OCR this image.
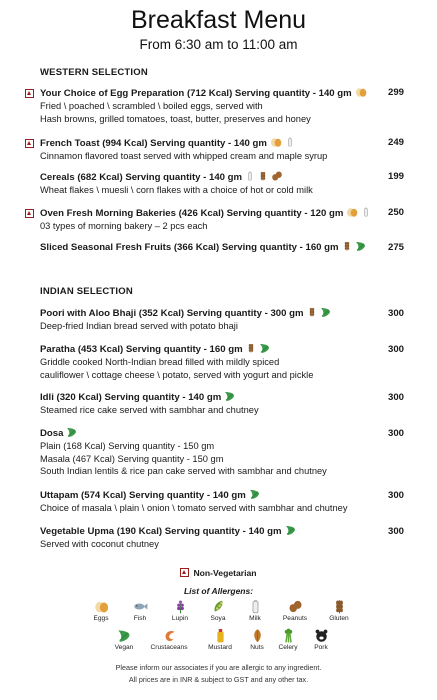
Breakfast Menu
From 6:30 am to 11:00 am
WESTERN SELECTION
Your Choice of Egg Preparation (712 Kcal) Serving quantity - 140 gm
Fried \ poached \ scrambled \ boiled eggs, served with
Hash browns, grilled tomatoes, toast, butter, preserves and honey
299
French Toast (994 Kcal) Serving quantity - 140 gm
Cinnamon flavored toast served with whipped cream and maple syrup
249
Cereals (682 Kcal) Serving quantity - 140 gm
Wheat flakes \ muesli \ corn flakes with a choice of hot or cold milk
199
Oven Fresh Morning Bakeries (426 Kcal) Serving quantity - 120 gm
03 types of morning bakery – 2 pcs each
250
Sliced Seasonal Fresh Fruits (366 Kcal) Serving quantity - 160 gm	275
INDIAN SELECTION
Poori with Aloo Bhaji (352 Kcal) Serving quantity - 300 gm
Deep-fried Indian bread served with potato bhaji
300
Paratha (453 Kcal) Serving quantity - 160 gm
Griddle cooked North-Indian bread filled with mildly spiced
cauliflower \ cottage cheese \ potato, served with yogurt and pickle
300
Idli (320 Kcal) Serving quantity - 140 gm
Steamed rice cake served with sambhar and chutney
300
Dosa
Plain (168 Kcal) Serving quantity - 150 gm
Masala (467 Kcal) Serving quantity - 150 gm
South Indian lentils & rice pan cake served with sambhar and chutney
300
Uttapam (574 Kcal) Serving quantity - 140 gm
Choice of masala \ plain \ onion \ tomato served with sambhar and chutney
300
Vegetable Upma (190 Kcal) Serving quantity - 140 gm
Served with coconut chutney
300
Non-Vegetarian
List of Allergens:
Eggs	Fish	Lupin	Soya	Milk	Peanuts	Gluten
Vegan	Crustaceans	Mustard	Nuts	Celery	Pork
Please inform our associates if you are allergic to any ingredient.
All prices are in INR & subject to GST and any other tax.
